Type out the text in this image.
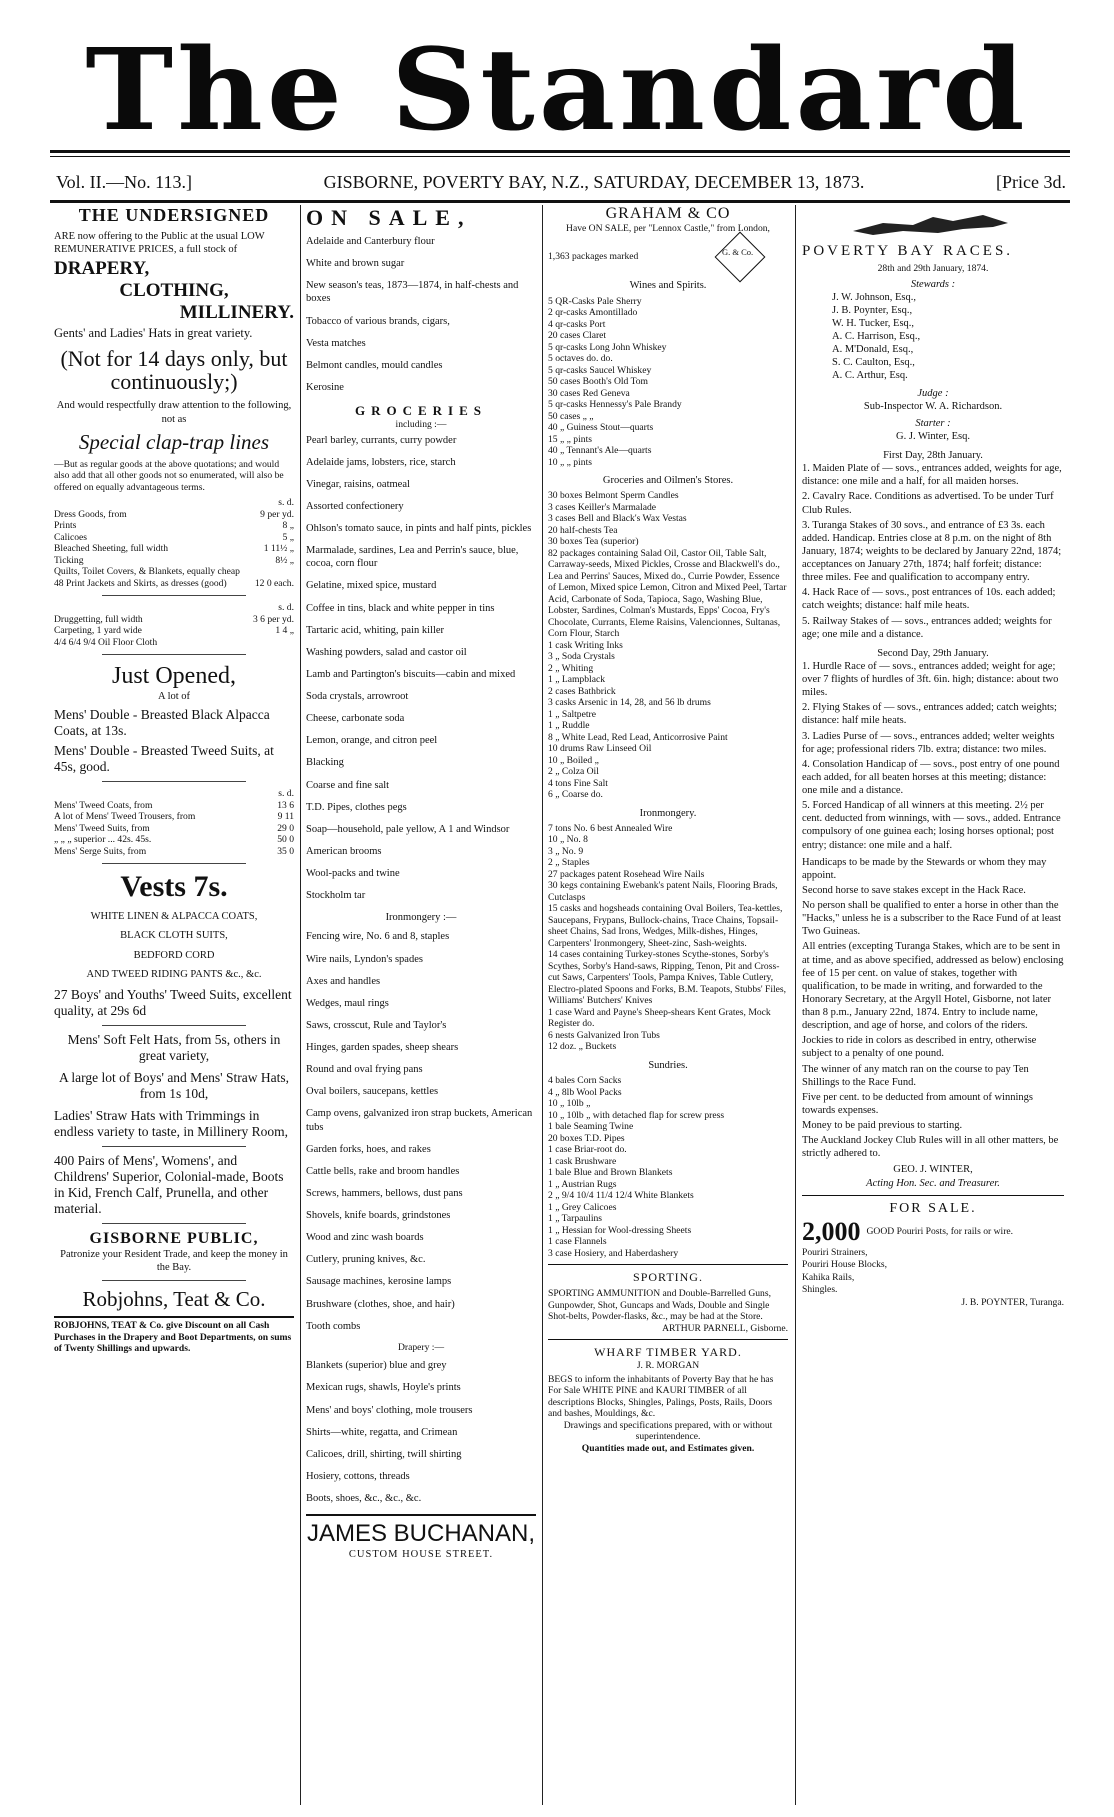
The Standard
Vol. II.—No. 113.]	GISBORNE, POVERTY BAY, N.Z., SATURDAY, DECEMBER 13, 1873.	[Price 3d.

THE UNDERSIGNED

ARE now offering to the Public at the usual LOW REMUNERATIVE PRICES, a full stock of

DRAPERY,

CLOTHING,

MILLINERY.

Gents' and Ladies' Hats in great variety.

(Not for 14 days only, but continuously;)

And would respectfully draw attention to the following, not as

Special clap-trap lines

—But as regular goods at the above quotations; and would also add that all other goods not so enumerated, will also be offered on equally advantageous terms.

s. d.
Dress Goods, from	9 per yd.
Prints	8 „
Calicoes	5 „
Bleached Sheeting, full width	1 11½ „
Ticking	8½ „
Quilts, Toilet Covers, & Blankets, equally cheap
48 Print Jackets and Skirts, as dresses (good)	12 0 each.
s. d.
Druggetting, full width	3 6 per yd.
Carpeting, 1 yard wide	1 4 „
4/4 6/4 9/4 Oil Floor Cloth

Just Opened,

A lot of

Mens' Double - Breasted Black Alpacca Coats, at 13s.

Mens' Double - Breasted Tweed Suits, at 45s, good.

s. d.
Mens' Tweed Coats, from	13 6
A lot of Mens' Tweed Trousers, from	9 11
Mens' Tweed Suits, from	29 0
„ „ „ superior ... 42s. 45s.	50 0
Mens' Serge Suits, from	35 0

Vests 7s.

WHITE LINEN & ALPACCA COATS,

BLACK CLOTH SUITS,

BEDFORD CORD

AND TWEED RIDING PANTS &c., &c.

27 Boys' and Youths' Tweed Suits, excellent quality, at 29s 6d

Mens' Soft Felt Hats, from 5s, others in great variety,

A large lot of Boys' and Mens' Straw Hats, from 1s 10d,

Ladies' Straw Hats with Trimmings in endless variety to taste, in Millinery Room,

400 Pairs of Mens', Womens', and Childrens' Superior, Colonial-made, Boots in Kid, French Calf, Prunella, and other material.

GISBORNE PUBLIC,

Patronize your Resident Trade, and keep the money in the Bay.

Robjohns, Teat & Co.

ROBJOHNS, TEAT & Co. give Discount on all Cash Purchases in the Drapery and Boot Departments, on sums of Twenty Shillings and upwards.

ON SALE,

Adelaide and Canterbury flour

White and brown sugar

New season's teas, 1873—1874, in half-chests and boxes

Tobacco of various brands, cigars,

Vesta matches

Belmont candles, mould candles

Kerosine

GROCERIES

including :—

Pearl barley, currants, curry powder

Adelaide jams, lobsters, rice, starch

Vinegar, raisins, oatmeal

Assorted confectionery

Ohlson's tomato sauce, in pints and half pints, pickles

Marmalade, sardines, Lea and Perrin's sauce, blue, cocoa, corn flour

Gelatine, mixed spice, mustard

Coffee in tins, black and white pepper in tins

Tartaric acid, whiting, pain killer

Washing powders, salad and castor oil

Lamb and Partington's biscuits—cabin and mixed

Soda crystals, arrowroot

Cheese, carbonate soda

Lemon, orange, and citron peel

Blacking

Coarse and fine salt

T.D. Pipes, clothes pegs

Soap—household, pale yellow, A 1 and Windsor

American brooms

Wool-packs and twine

Stockholm tar

Ironmongery :—

Fencing wire, No. 6 and 8, staples

Wire nails, Lyndon's spades

Axes and handles

Wedges, maul rings

Saws, crosscut, Rule and Taylor's

Hinges, garden spades, sheep shears

Round and oval frying pans

Oval boilers, saucepans, kettles

Camp ovens, galvanized iron strap buckets, American tubs

Garden forks, hoes, and rakes

Cattle bells, rake and broom handles

Screws, hammers, bellows, dust pans

Shovels, knife boards, grindstones

Wood and zinc wash boards

Cutlery, pruning knives, &c.

Sausage machines, kerosine lamps

Brushware (clothes, shoe, and hair)

Tooth combs

Drapery :—

Blankets (superior) blue and grey

Mexican rugs, shawls, Hoyle's prints

Mens' and boys' clothing, mole trousers

Shirts—white, regatta, and Crimean

Calicoes, drill, shirting, twill shirting

Hosiery, cottons, threads

Boots, shoes, &c., &c., &c.

JAMES BUCHANAN,

CUSTOM HOUSE STREET.

GRAHAM & CO

Have ON SALE, per "Lennox Castle," from London,

1,363 packages marked	G. & Co.

Wines and Spirits.

5 QR-Casks Pale Sherry

2 qr-casks Amontillado

4 qr-casks Port

20 cases Claret

5 qr-casks Long John Whiskey

5 octaves do. do.

5 qr-casks Saucel Whiskey

50 cases Booth's Old Tom

30 cases Red Geneva

5 qr-casks Hennessy's Pale Brandy

50 cases „ „

40 „ Guiness Stout—quarts

15 „ „ pints

40 „ Tennant's Ale—quarts

10 „ „ pints

Groceries and Oilmen's Stores.

30 boxes Belmont Sperm Candles

3 cases Keiller's Marmalade

3 cases Bell and Black's Wax Vestas

20 half-chests Tea

30 boxes Tea (superior)

82 packages containing Salad Oil, Castor Oil, Table Salt, Carraway-seeds, Mixed Pickles, Crosse and Blackwell's do., Lea and Perrins' Sauces, Mixed do., Currie Powder, Essence of Lemon, Mixed spice Lemon, Citron and Mixed Peel, Tartar Acid, Carbonate of Soda, Tapioca, Sago, Washing Blue, Lobster, Sardines, Colman's Mustards, Epps' Cocoa, Fry's Chocolate, Currants, Eleme Raisins, Valencionnes, Sultanas, Corn Flour, Starch

1 cask Writing Inks

3 „ Soda Crystals

2 „ Whiting

1 „ Lampblack

2 cases Bathbrick

3 casks Arsenic in 14, 28, and 56 lb drums

1 „ Saltpetre

1 „ Ruddle

8 „ White Lead, Red Lead, Anticorrosive Paint

10 drums Raw Linseed Oil

10 „ Boiled „

2 „ Colza Oil

4 tons Fine Salt

6 „ Coarse do.

Ironmongery.

7 tons No. 6 best Annealed Wire

10 „ No. 8

3 „ No. 9

2 „ Staples

27 packages patent Rosehead Wire Nails

30 kegs containing Ewebank's patent Nails, Flooring Brads, Cutclasps

15 casks and hogsheads containing Oval Boilers, Tea-kettles, Saucepans, Frypans, Bullock-chains, Trace Chains, Topsail-sheet Chains, Sad Irons, Wedges, Milk-dishes, Hinges, Carpenters' Ironmongery, Sheet-zinc, Sash-weights.

14 cases containing Turkey-stones Scythe-stones, Sorby's Scythes, Sorby's Hand-saws, Ripping, Tenon, Pit and Cross-cut Saws, Carpenters' Tools, Pampa Knives, Table Cutlery, Electro-plated Spoons and Forks, B.M. Teapots, Stubbs' Files, Williams' Butchers' Knives

1 case Ward and Payne's Sheep-shears Kent Grates, Mock Register do.

6 nests Galvanized Iron Tubs

12 doz. „ Buckets

Sundries.

4 bales Corn Sacks

4 „ 8lb Wool Packs

10 „ 10lb „

10 „ 10lb „ with detached flap for screw press

1 bale Seaming Twine

20 boxes T.D. Pipes

1 case Briar-root do.

1 cask Brushware

1 bale Blue and Brown Blankets

1 „ Austrian Rugs

2 „ 9/4 10/4 11/4 12/4 White Blankets

1 „ Grey Calicoes

1 „ Tarpaulins

1 „ Hessian for Wool-dressing Sheets

1 case Flannels

3 case Hosiery, and Haberdashery

SPORTING.

SPORTING AMMUNITION and Double-Barrelled Guns, Gunpowder, Shot, Guncaps and Wads, Double and Single Shot-belts, Powder-flasks, &c., may be had at the Store.

ARTHUR PARNELL, Gisborne.

WHARF TIMBER YARD.

J. R. MORGAN

BEGS to inform the inhabitants of Poverty Bay that he has For Sale WHITE PINE and KAURI TIMBER of all descriptions Blocks, Shingles, Palings, Posts, Rails, Doors and bashes, Mouldings, &c.

Drawings and specifications prepared, with or without superintendence.

Quantities made out, and Estimates given.

POVERTY BAY RACES.

28th and 29th January, 1874.

Stewards :

J. W. Johnson, Esq.,

J. B. Poynter, Esq.,

W. H. Tucker, Esq.,

A. C. Harrison, Esq.,

A. M'Donald, Esq.,

S. C. Caulton, Esq.,

A. C. Arthur, Esq.

Judge :

Sub-Inspector W. A. Richardson.

Starter :

G. J. Winter, Esq.

First Day, 28th January.

1. Maiden Plate of — sovs., entrances added, weights for age, distance: one mile and a half, for all maiden horses.

2. Cavalry Race. Conditions as advertised. To be under Turf Club Rules.

3. Turanga Stakes of 30 sovs., and entrance of £3 3s. each added. Handicap. Entries close at 8 p.m. on the night of 8th January, 1874; weights to be declared by January 22nd, 1874; acceptances on January 27th, 1874; half forfeit; distance: three miles. Fee and qualification to accompany entry.

4. Hack Race of — sovs., post entrances of 10s. each added; catch weights; distance: half mile heats.

5. Railway Stakes of — sovs., entrances added; weights for age; one mile and a distance.

Second Day, 29th January.

1. Hurdle Race of — sovs., entrances added; weight for age; over 7 flights of hurdles of 3ft. 6in. high; distance: about two miles.

2. Flying Stakes of — sovs., entrances added; catch weights; distance: half mile heats.

3. Ladies Purse of — sovs., entrances added; welter weights for age; professional riders 7lb. extra; distance: two miles.

4. Consolation Handicap of — sovs., post entry of one pound each added, for all beaten horses at this meeting; distance: one mile and a distance.

5. Forced Handicap of all winners at this meeting. 2½ per cent. deducted from winnings, with — sovs., added. Entrance compulsory of one guinea each; losing horses optional; post entry; distance: one mile and a half.

Handicaps to be made by the Stewards or whom they may appoint.

Second horse to save stakes except in the Hack Race.

No person shall be qualified to enter a horse in other than the "Hacks," unless he is a subscriber to the Race Fund of at least Two Guineas.

All entries (excepting Turanga Stakes, which are to be sent in at time, and as above specified, addressed as below) enclosing fee of 15 per cent. on value of stakes, together with qualification, to be made in writing, and forwarded to the Honorary Secretary, at the Argyll Hotel, Gisborne, not later than 8 p.m., January 22nd, 1874. Entry to include name, description, and age of horse, and colors of the riders.

Jockies to ride in colors as described in entry, otherwise subject to a penalty of one pound.

The winner of any match ran on the course to pay Ten Shillings to the Race Fund.

Five per cent. to be deducted from amount of winnings towards expenses.

Money to be paid previous to starting.

The Auckland Jockey Club Rules will in all other matters, be strictly adhered to.

GEO. J. WINTER,

Acting Hon. Sec. and Treasurer.

FOR SALE.

2,000 GOOD Pouriri Posts, for rails or wire.

Pouriri Strainers,

Pouriri House Blocks,

Kahika Rails,

Shingles.

J. B. POYNTER, Turanga.
